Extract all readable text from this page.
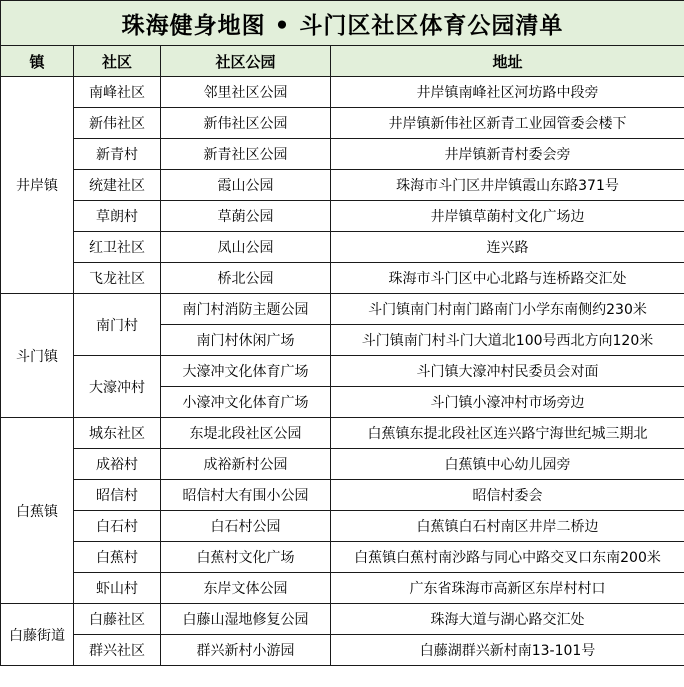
珠海健身地图 • 斗门区社区体育公园清单			
镇	社区	社区公园	地址
井岸镇	南峰社区	邻里社区公园	井岸镇南峰社区河坊路中段旁
	新伟社区	新伟社区公园	井岸镇新伟社区新青工业园管委会楼下
	新青村	新青社区公园	井岸镇新青村委会旁
	统建社区	霞山公园	珠海市斗门区井岸镇霞山东路371号
	草朗村	草蓢公园	井岸镇草蓢村文化广场边
	红卫社区	凤山公园	连兴路
	飞龙社区	桥北公园	珠海市斗门区中心北路与连桥路交汇处
斗门镇	南门村	南门村消防主题公园	斗门镇南门村南门路南门小学东南侧约230米
		南门村休闲广场	斗门镇南门村斗门大道北100号西北方向120米
	大濠冲村	大濠冲文化体育广场	斗门镇大濠冲村民委员会对面
		小濠冲文化体育广场	斗门镇小濠冲村市场旁边
白蕉镇	城东社区	东堤北段社区公园	白蕉镇东提北段社区连兴路宁海世纪城三期北
	成裕村	成裕新村公园	白蕉镇中心幼儿园旁
	昭信村	昭信村大有围小公园	昭信村委会
	白石村	白石村公园	白蕉镇白石村南区井岸二桥边
	白蕉村	白蕉村文化广场	白蕉镇白蕉村南沙路与同心中路交叉口东南200米
	虾山村	东岸文体公园	广东省珠海市高新区东岸村村口
白藤街道	白藤社区	白藤山湿地修复公园	珠海大道与湖心路交汇处
	群兴社区	群兴新村小游园	白藤湖群兴新村南13-101号
